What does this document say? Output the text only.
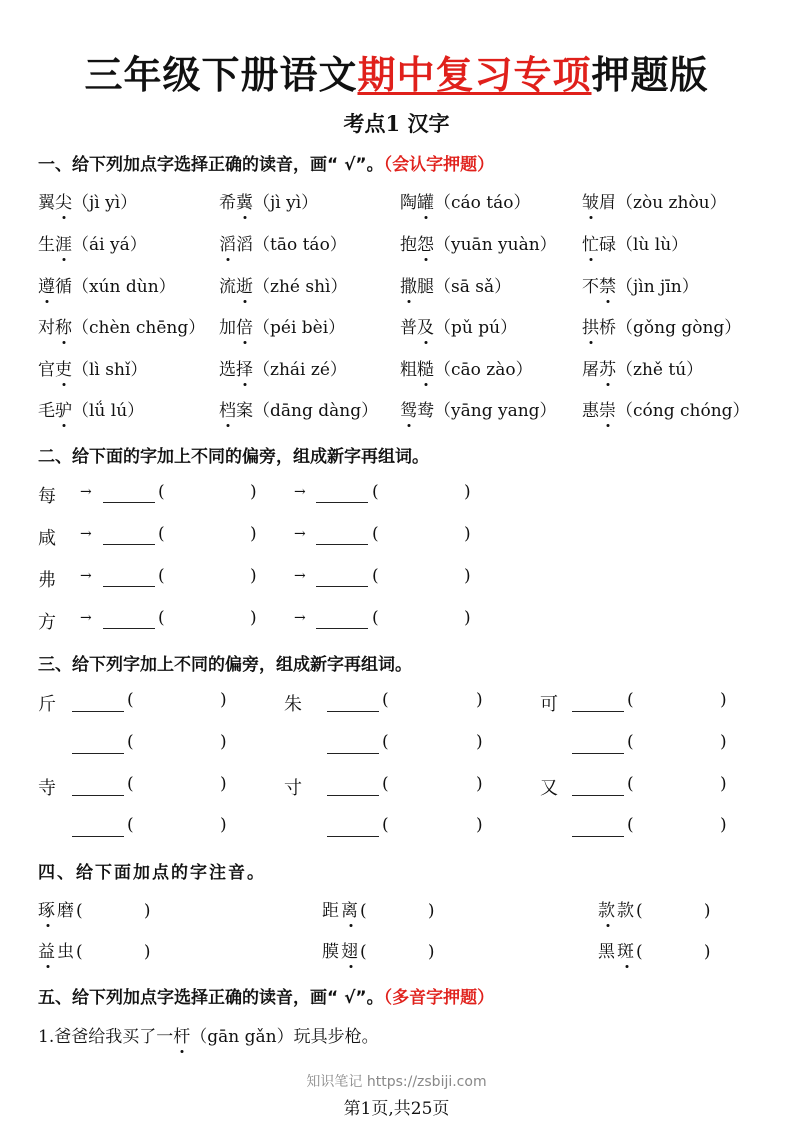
三年级下册语文期中复习专项押题版
考点1 汉字
一、给下列加点字选择正确的读音，画“ √”。（会认字押题）
翼尖（jì yì）	希冀（jì yì）	陶罐（cáo táo）	皱眉（zòu zhòu）
生涯（ái yá）	滔滔（tāo táo）	抱怨（yuān yuàn） 忙碌（lù lù）
遵循（xún dùn）	流逝（zhé shì）	撒腿（sā sǎ）	不禁（jìn jīn）
对称（chèn chēng） 加倍（péi bèi）	普及（pǔ pú）	拱桥（gǒng gòng）
官吏（lì shǐ）	选择（zhái zé）	粗糙（cāo zào）	屠苏（zhě tú）
毛驴（lǘ lú）	档案（dāng dàng） 鸳鸯（yāng yang） 惠崇（cóng chóng）
二、给下面的字加上不同的偏旁，组成新字再组词。
每 →	(	)	→	(	)
咸 →	(	)	→	(	)
弗 →	(	)	→	(	)
方 →	(	)	→	(	)
三、给下列字加上不同的偏旁，组成新字再组词。
斤	(	)	朱	(	)	可	(	)
(	)	(	)	(	)
寺	(	)	寸	(	)	又	(	)
(	)	(	)	(	)
四、给下面加点的字注音。
琢磨(        )	距离(        )	款款(        )
益虫(        )	膜翅(        )	黑斑(        )
五、给下列加点字选择正确的读音，画“ √”。（多音字押题）
1.爸爸给我买了一杆（gān gǎn）玩具步枪。
知识笔记 https://zsbiji.com
第1页,共25页
